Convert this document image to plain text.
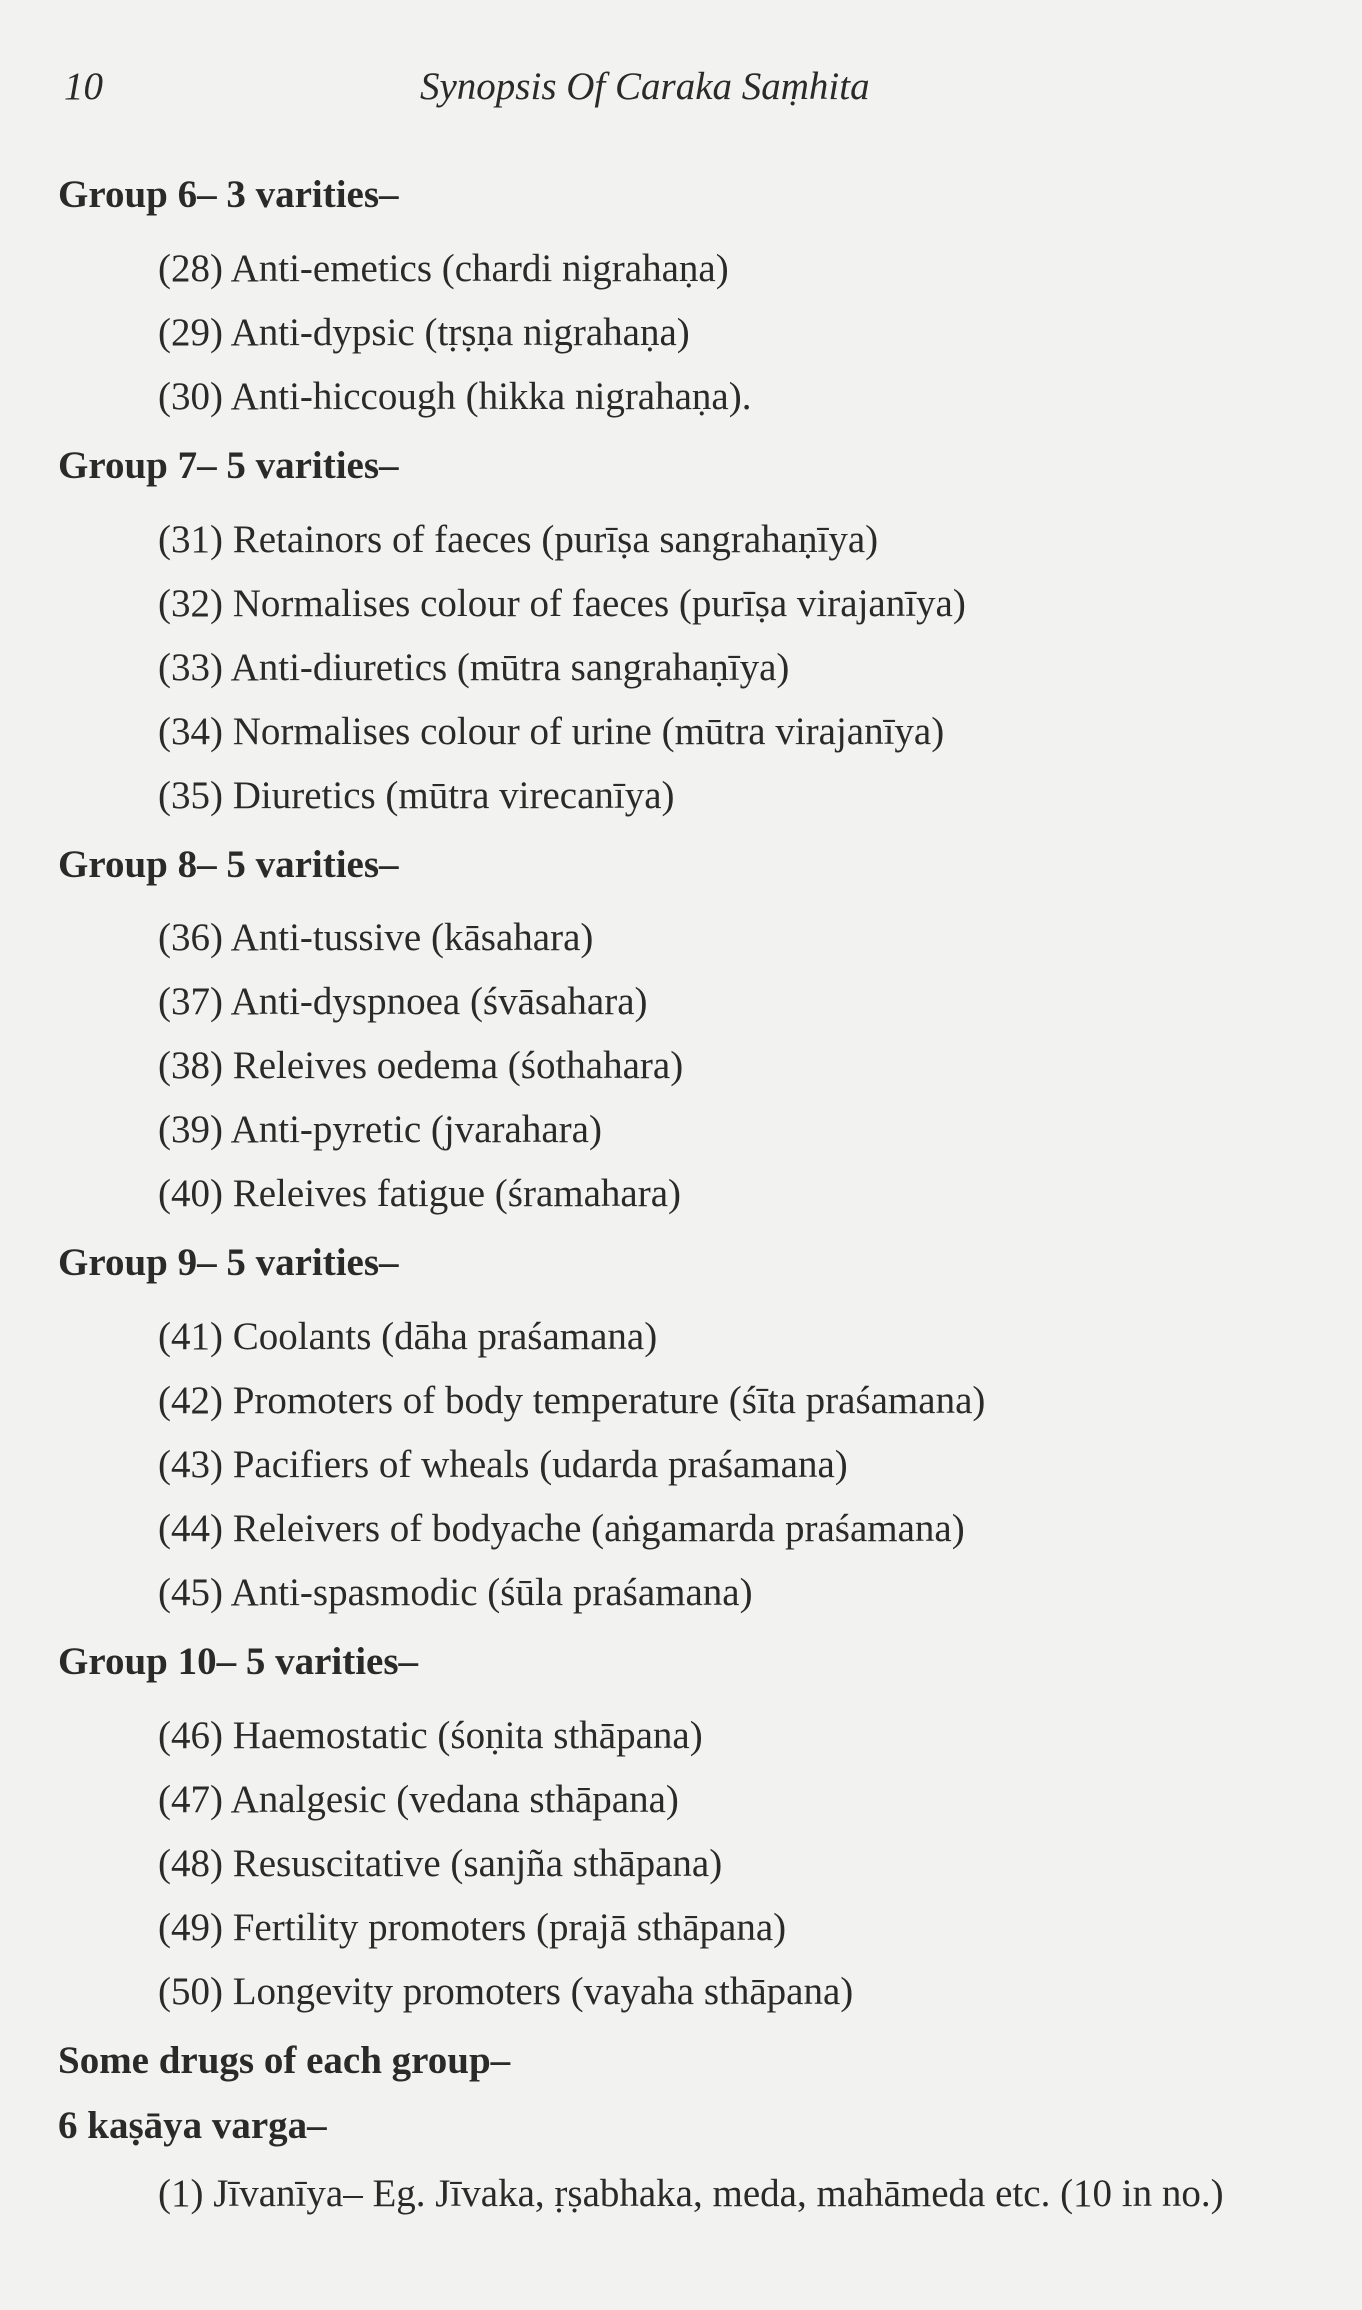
10	Synopsis Of Caraka Saṃhita
Group 6– 3 varities–
(28) Anti-emetics (chardi nigrahaṇa)
(29) Anti-dypsic (tṛṣṇa nigrahaṇa)
(30) Anti-hiccough (hikka nigrahaṇa).
Group 7– 5 varities–
(31) Retainors of faeces (purīṣa sangrahaṇīya)
(32) Normalises colour of faeces (purīṣa virajanīya)
(33) Anti-diuretics (mūtra sangrahaṇīya)
(34) Normalises colour of urine (mūtra virajanīya)
(35) Diuretics (mūtra virecanīya)
Group 8– 5 varities–
(36) Anti-tussive (kāsahara)
(37) Anti-dyspnoea (śvāsahara)
(38) Releives oedema (śothahara)
(39) Anti-pyretic (jvarahara)
(40) Releives fatigue (śramahara)
Group 9– 5 varities–
(41) Coolants (dāha praśamana)
(42) Promoters of body temperature (śīta praśamana)
(43) Pacifiers of wheals (udarda praśamana)
(44) Releivers of bodyache (aṅgamarda praśamana)
(45) Anti-spasmodic (śūla praśamana)
Group 10– 5 varities–
(46) Haemostatic (śoṇita sthāpana)
(47) Analgesic (vedana sthāpana)
(48) Resuscitative (sanjña sthāpana)
(49) Fertility promoters (prajā sthāpana)
(50) Longevity promoters (vayaha sthāpana)
Some drugs of each group–
6 kaṣāya varga–
(1) Jīvanīya– Eg. Jīvaka, ṛṣabhaka, meda, mahāmeda etc. (10 in no.)
